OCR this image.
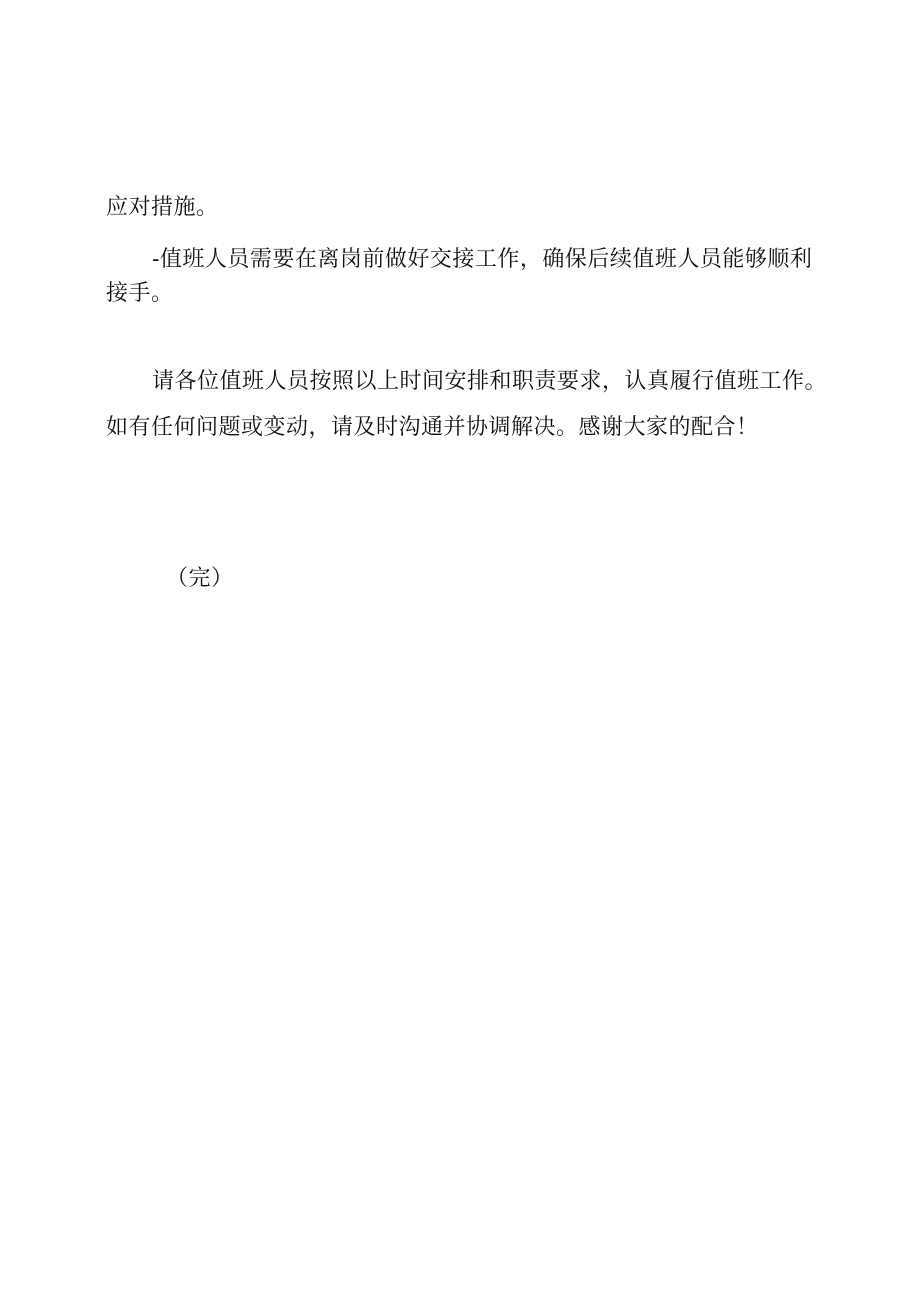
应对措施。
-值班人员需要在离岗前做好交接工作，确保后续值班人员能够顺利
接手。
请各位值班人员按照以上时间安排和职责要求，认真履行值班工作。
如有任何问题或变动，请及时沟通并协调解决。感谢大家的配合！
（完）
